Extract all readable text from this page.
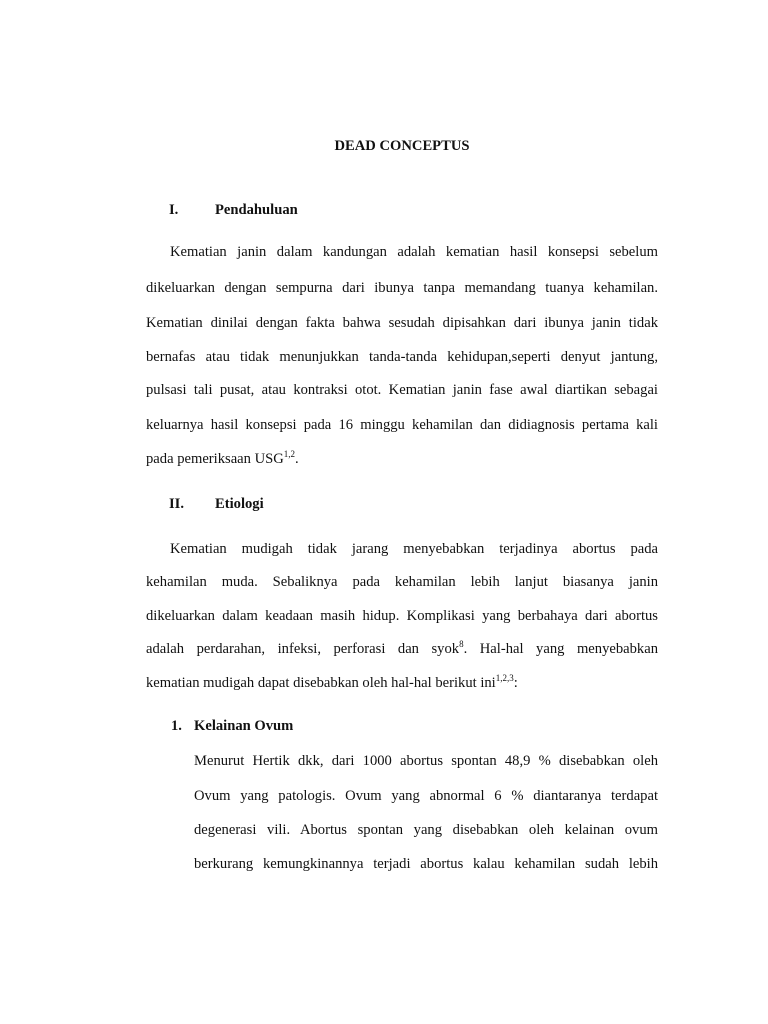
DEAD CONCEPTUS
I.	Pendahuluan
Kematian janin dalam kandungan adalah kematian hasil konsepsi sebelum
dikeluarkan dengan sempurna dari ibunya tanpa memandang tuanya kehamilan.
Kematian dinilai dengan fakta bahwa sesudah dipisahkan dari ibunya janin tidak
bernafas atau tidak menunjukkan tanda-tanda kehidupan,seperti denyut jantung,
pulsasi tali pusat, atau kontraksi otot. Kematian janin fase awal diartikan sebagai
keluarnya hasil konsepsi pada 16 minggu kehamilan dan didiagnosis pertama kali
pada pemeriksaan USG$^{1,2}$.
II. Etiologi
Kematian mudigah tidak jarang menyebabkan terjadinya abortus pada
kehamilan muda. Sebaliknya pada kehamilan lebih lanjut biasanya janin
dikeluarkan dalam keadaan masih hidup. Komplikasi yang berbahaya dari abortus
adalah perdarahan, infeksi, perforasi dan syok$^8$. Hal-hal yang menyebabkan
kematian mudigah dapat disebabkan oleh hal-hal berikut ini$^{1,2,3}$:
1. Kelainan Ovum
Menurut Hertik dkk, dari 1000 abortus spontan 48,9 % disebabkan oleh
Ovum yang patologis. Ovum yang abnormal 6 % diantaranya terdapat
degenerasi vili. Abortus spontan yang disebabkan oleh kelainan ovum
berkurang kemungkinannya terjadi abortus kalau kehamilan sudah lebih
